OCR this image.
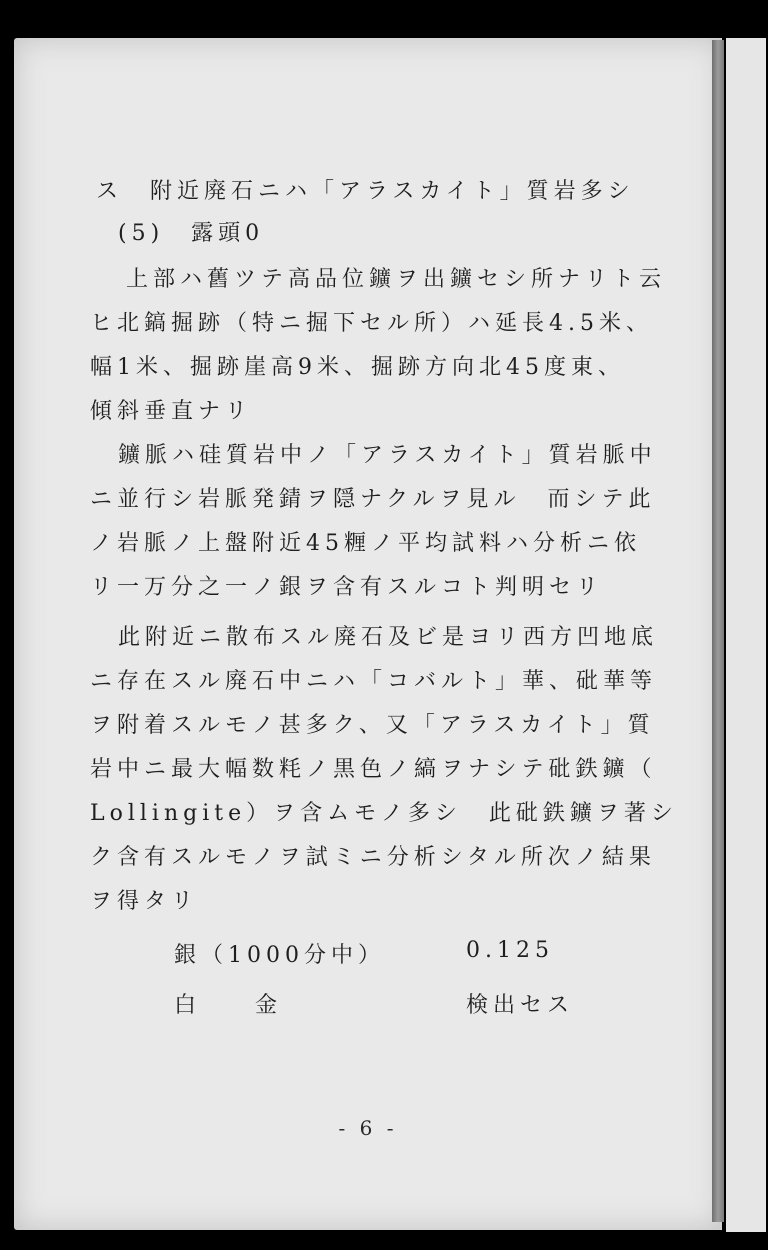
ス　附近廃石ニハ「アラスカイト」質岩多シ
(5)　露頭0
上部ハ舊ツテ高品位鑛ヲ出鑛セシ所ナリト云
ヒ北鎬掘跡（特ニ掘下セル所）ハ延長4.5米、
幅1米、掘跡崖高9米、掘跡方向北45度東、
傾斜垂直ナリ
鑛脈ハ硅質岩中ノ「アラスカイト」質岩脈中
ニ並行シ岩脈発錆ヲ隠ナクルヲ見ル　而シテ此
ノ岩脈ノ上盤附近45糎ノ平均試料ハ分析ニ依
リ一万分之一ノ銀ヲ含有スルコト判明セリ
此附近ニ散布スル廃石及ビ是ヨリ西方凹地底
ニ存在スル廃石中ニハ「コバルト」華、砒華等
ヲ附着スルモノ甚多ク、又「アラスカイト」質
岩中ニ最大幅数粍ノ黒色ノ縞ヲナシテ砒鉄鑛（
Lollingite）ヲ含ムモノ多シ　此砒鉄鑛ヲ著シ
ク含有スルモノヲ試ミニ分析シタル所次ノ結果
ヲ得タリ
銀（1000分中）	0.125
白　　金	検出セス
- 6 -
